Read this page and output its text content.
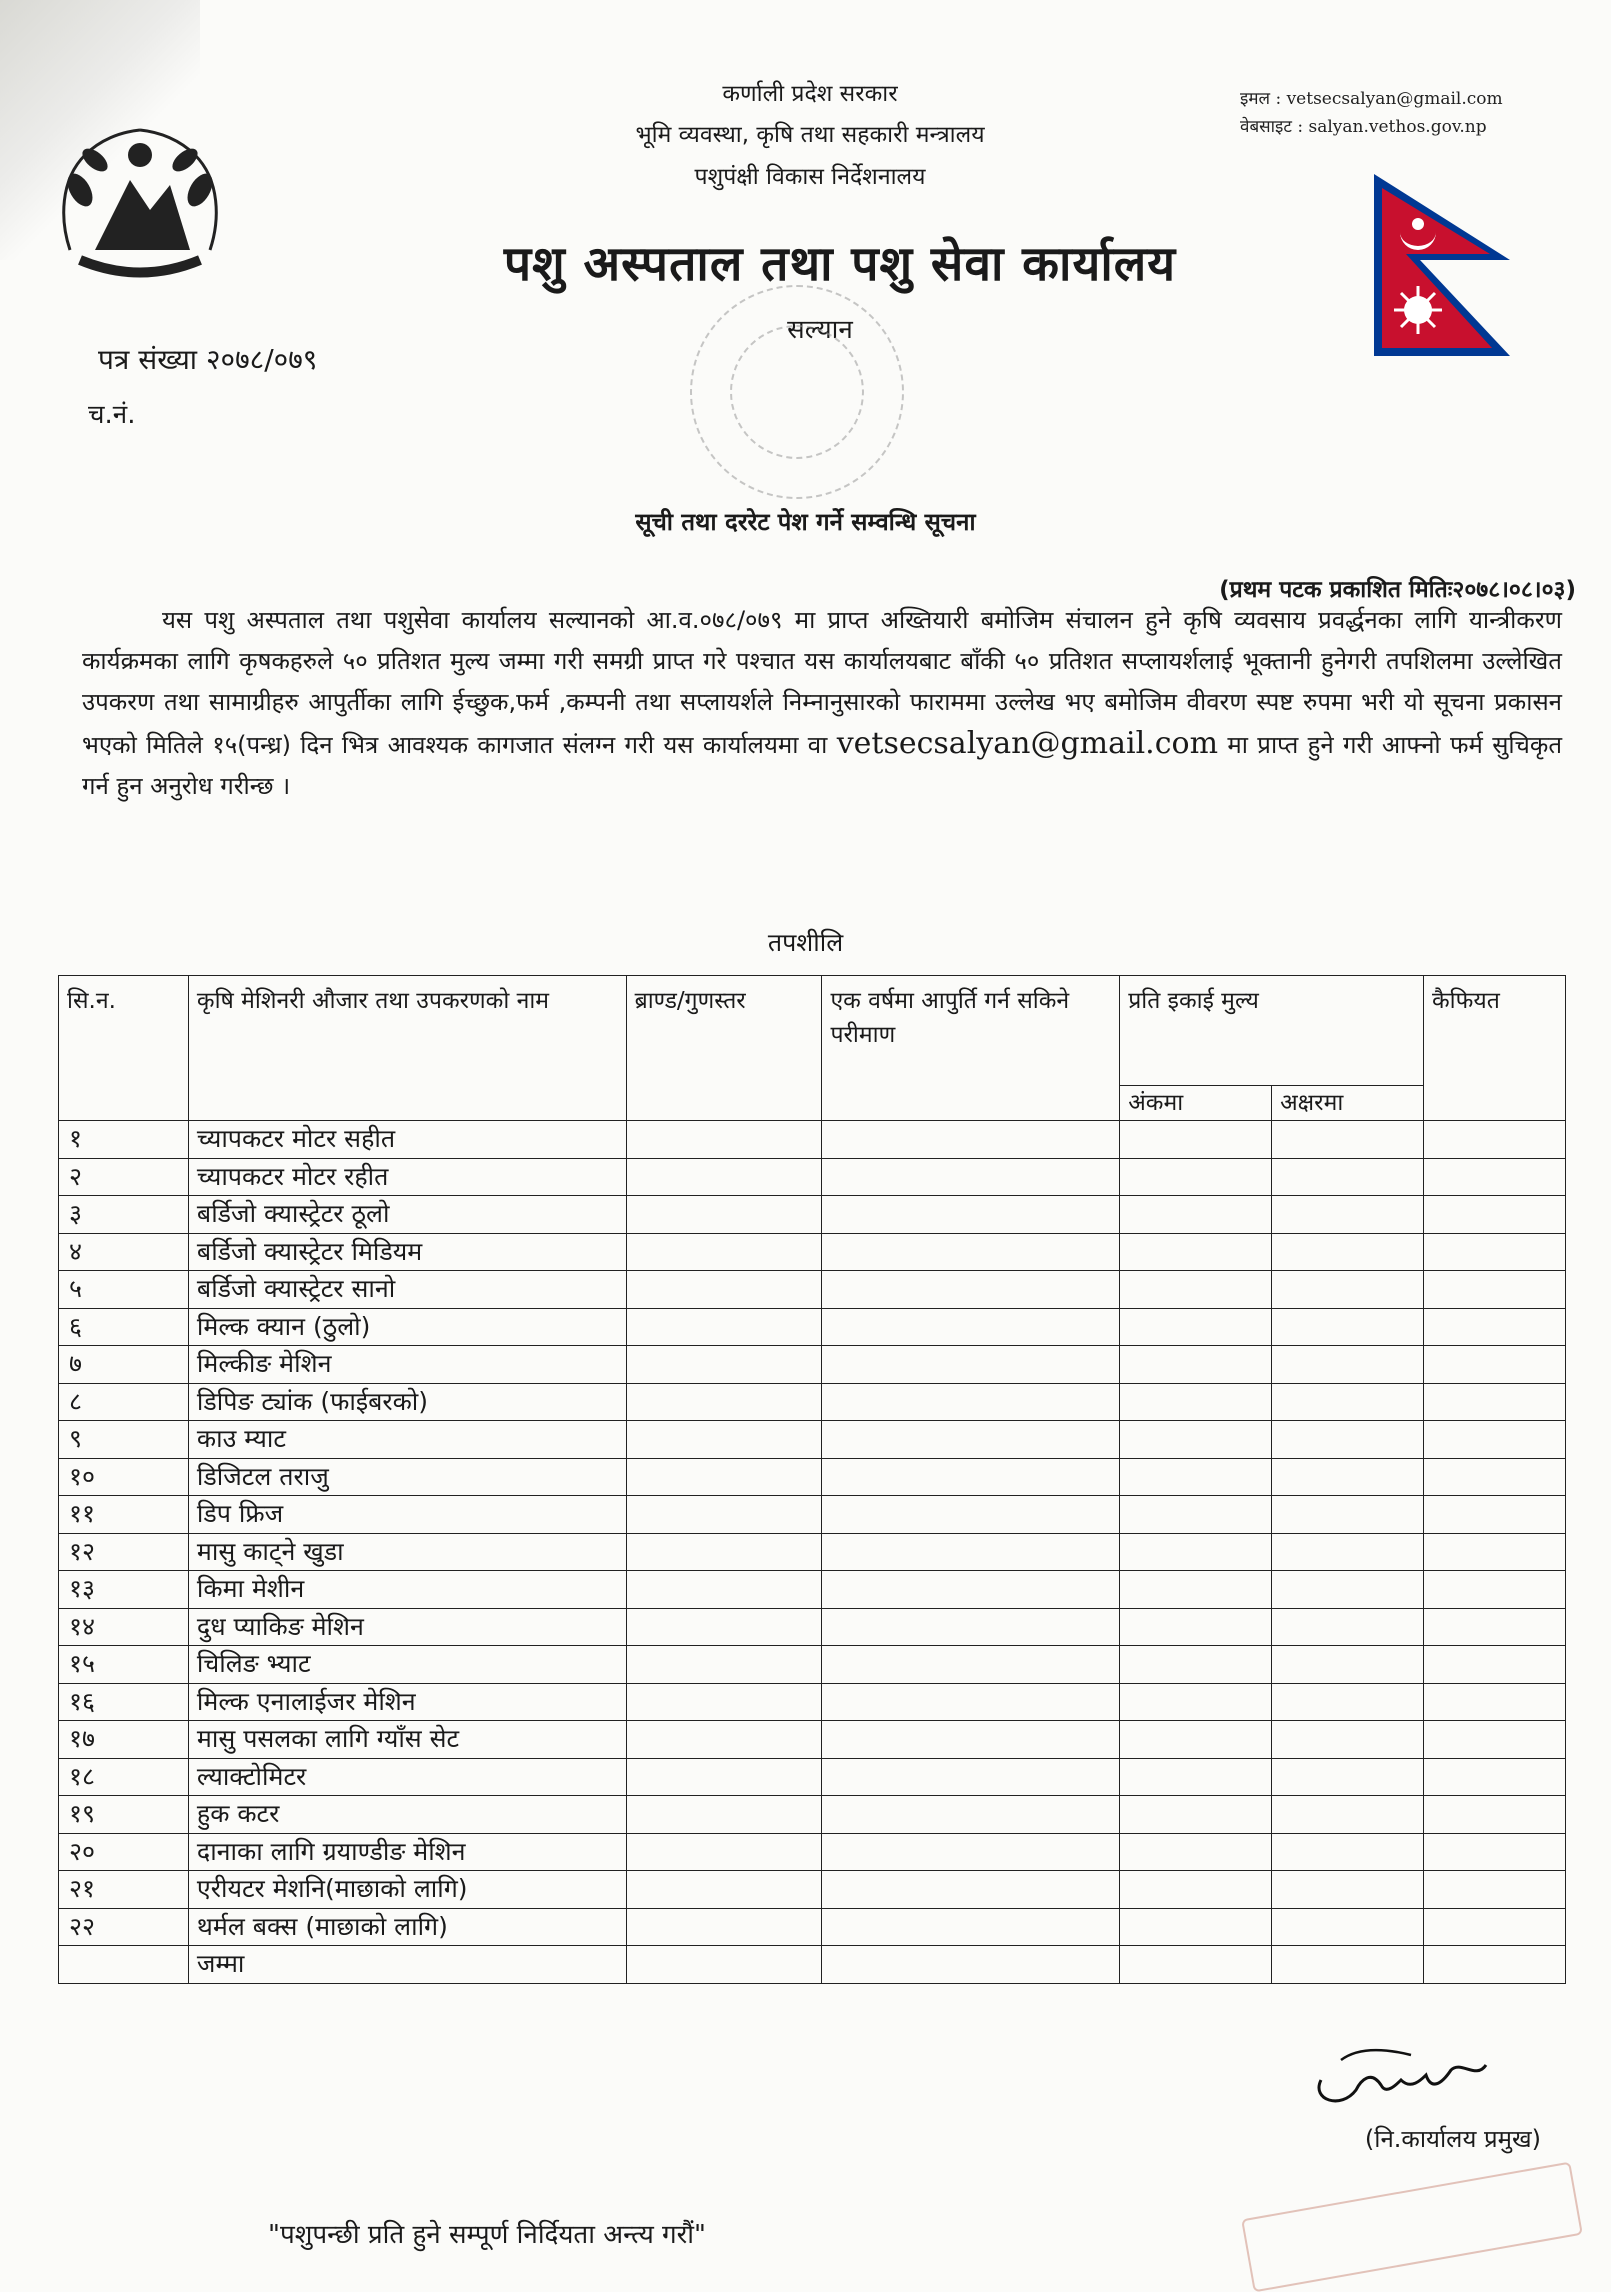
कर्णाली प्रदेश सरकार
भूमि व्यवस्था, कृषि तथा सहकारी मन्त्रालय
पशुपंक्षी विकास निर्देशनालय
पशु अस्पताल तथा पशु सेवा कार्यालय
सल्यान
इमल : vetsecsalyan@gmail.com
वेबसाइट : salyan.vethos.gov.np
पत्र संख्या २०७८/०७९
च.नं.
सूची तथा दररेट पेश गर्ने सम्वन्धि सूचना
(प्रथम पटक प्रकाशित मितिः२०७८।०८।०३)
यस पशु अस्पताल तथा पशुसेवा कार्यालय सल्यानको आ.व.०७८/०७९ मा प्राप्त अख्तियारी बमोजिम संचालन हुने कृषि व्यवसाय प्रवर्द्धनका लागि यान्त्रीकरण कार्यक्रमका लागि कृषकहरुले ५० प्रतिशत मुल्य जम्मा गरी समग्री प्राप्त गरे पश्चात यस कार्यालयबाट बाँकी ५० प्रतिशत सप्लायर्शलाई भूक्तानी हुनेगरी तपशिलमा उल्लेखित उपकरण तथा सामाग्रीहरु आपुर्तीका लागि ईच्छुक,फर्म ,कम्पनी तथा सप्लायर्शले निम्नानुसारको फाराममा उल्लेख भए बमोजिम वीवरण स्पष्ट रुपमा भरी यो सूचना प्रकासन भएको मितिले १५(पन्ध्र) दिन भित्र आवश्यक कागजात संलग्न गरी यस कार्यालयमा वा vetsecsalyan@gmail.com मा प्राप्त हुने गरी आफ्नो फर्म सुचिकृत गर्न हुन अनुरोध गरीन्छ ।
तपशीलि
सि.न.	कृषि मेशिनरी औजार तथा उपकरणको नाम	ब्राण्ड/गुणस्तर	एक वर्षमा आपुर्ति गर्न सकिने परीमाण	प्रति इकाई मुल्य		कैफियत
				अंकमा	अक्षरमा	
१	च्यापकटर मोटर सहीत					
२	च्यापकटर मोटर रहीत					
३	बर्डिजो क्यास्ट्रेटर ठूलो					
४	बर्डिजो क्यास्ट्रेटर मिडियम					
५	बर्डिजो क्यास्ट्रेटर सानो					
६	मिल्क क्यान (ठुलो)					
७	मिल्कीङ मेशिन					
८	डिपिङ ट्यांक (फाईबरको)					
९	काउ म्याट					
१०	डिजिटल तराजु					
११	डिप फ्रिज					
१२	मासु काट्ने खुडा					
१३	किमा मेशीन					
१४	दुध प्याकिङ मेशिन					
१५	चिलिङ भ्याट					
१६	मिल्क एनालाईजर मेशिन					
१७	मासु पसलका लागि ग्याँस सेट					
१८	ल्याक्टोमिटर					
१९	हुक कटर					
२०	दानाका लागि ग्रयाण्डीङ मेशिन					
२१	एरीयटर मेशनि(माछाको लागि)					
२२	थर्मल बक्स (माछाको लागि)					
	जम्मा					
(नि.कार्यालय प्रमुख)
"पशुपन्छी प्रति हुने सम्पूर्ण निर्दियता अन्त्य गरौं"
